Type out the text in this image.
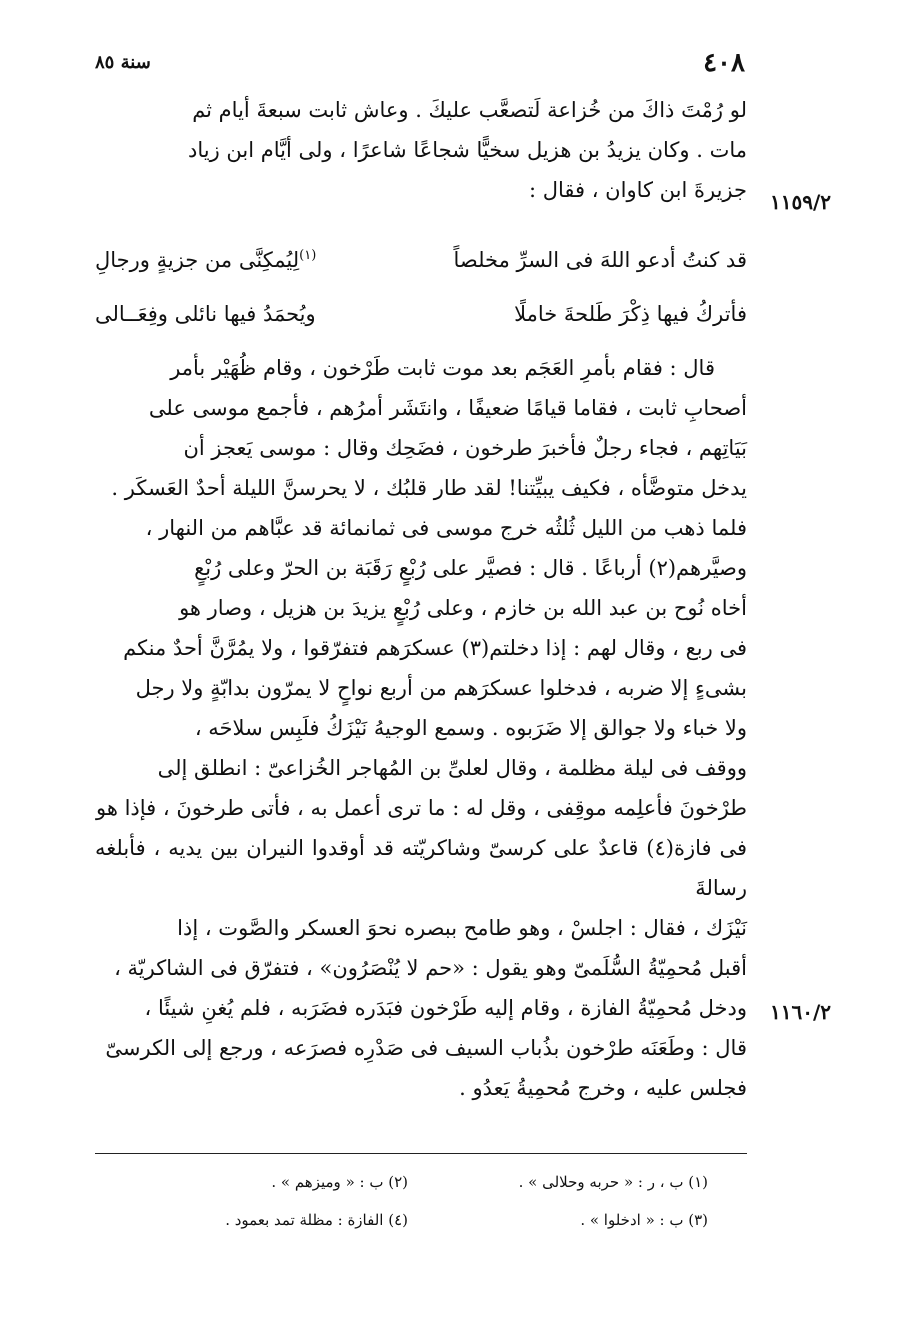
٤٠٨
سنة ٨٥

لو رُمْتَ ذاكَ من خُزاعة لَتصعَّب عليكَ . وعاش ثابت سبعةَ أيام ثم

مات . وكان يزيدُ بن هزيل سخيًّا شجاعًا شاعرًا ، ولى أيَّام ابن زياد

جزيرةَ ابن كاوان ، فقال : ١١٥٩/٢
قد كنتُ أدعو اللهَ فى السرِّ مخلصاً
$^{(١)}$لِيُمكِنَّى من جزيةٍ ورجالِ
فأتركُ فيها ذِكْرَ طَلحةَ خاملًا
ويُحمَدُ فيها نائلى وفِعَــالى

قال : فقام بأمرِ العَجَم بعد موت ثابت طَرْخون ، وقام ظُهَيْر بأمر

أصحابِ ثابت ، فقاما قيامًا ضعيفًا ، وانتَشَر أمرُهم ، فأجمع موسى على

بَيَاتِهم ، فجاء رجلٌ فأخبرَ طرخون ، فضَحِك وقال : موسى يَعجز أن

يدخل متوضَّأه ، فكيف يبيِّتنا! لقد طار قلبُك ، لا يحرسنَّ الليلة أحدٌ العَسكَر .

فلما ذهب من الليل ثُلثُه خرج موسى فى ثمانمائة قد عبَّاهم من النهار ،

وصيَّرهم(٢) أرباعًا . قال : فصيَّر على رُبْعٍ رَقَبَة بن الحرّ وعلى رُبْعٍ

أخاه نُوح بن عبد الله بن خازم ، وعلى رُبْعٍ يزيدَ بن هزيل ، وصار هو

فى ربع ، وقال لهم : إذا دخلتم(٣) عسكرَهم فتفرّقوا ، ولا يمُرَّنَّ أحدٌ منكم

بشىءٍ إلا ضربه ، فدخلوا عسكرَهم من أربع نواحٍ لا يمرّون بدابّةٍ ولا رجل

ولا خباء ولا جوالق إلا ضَرَبوه . وسمع الوجيهُ نَيْزَكُ فلَبِس سلاحَه ،

ووقف فى ليلة مظلمة ، وقال لعلىِّ بن المُهاجر الخُزاعىّ : انطلق إلى

طرْخونَ فأعلِمه موقِفى ، وقل له : ما ترى أعمل به ، فأتى طرخونَ ، فإذا هو

فى فازة(٤) قاعدٌ على كرسىّ وشاكريّته قد أوقدوا النيران بين يديه ، فأبلغه رسالةَ

نَيْزَك ، فقال : اجلسْ ، وهو طامح ببصره نحوَ العسكر والصَّوت ، إذا

أقبل مُحمِيّةُ السُّلَمىّ وهو يقول : «حم لا يُنْصَرُون» ، فتفرّق فى الشاكريّة ،

ودخل مُحمِيّةُ الفازة ، وقام إليه طَرْخون فبَدَره فضَرَبه ، فلم يُغنِ شيئًا ،

قال : وطَعَنَه طرْخون بذُباب السيف فى صَدْرِه فصرَعه ، ورجع إلى الكرسىّ

فجلس عليه ، وخرج مُحمِيةُ يَعدُو .

١١٦٠/٢
(١) ب ، ر : « حربه وحلالى » .
(٢) ب : « وميزهم » .
(٣) ب : « ادخلوا » .
(٤) الفازة : مظلة تمد بعمود .
